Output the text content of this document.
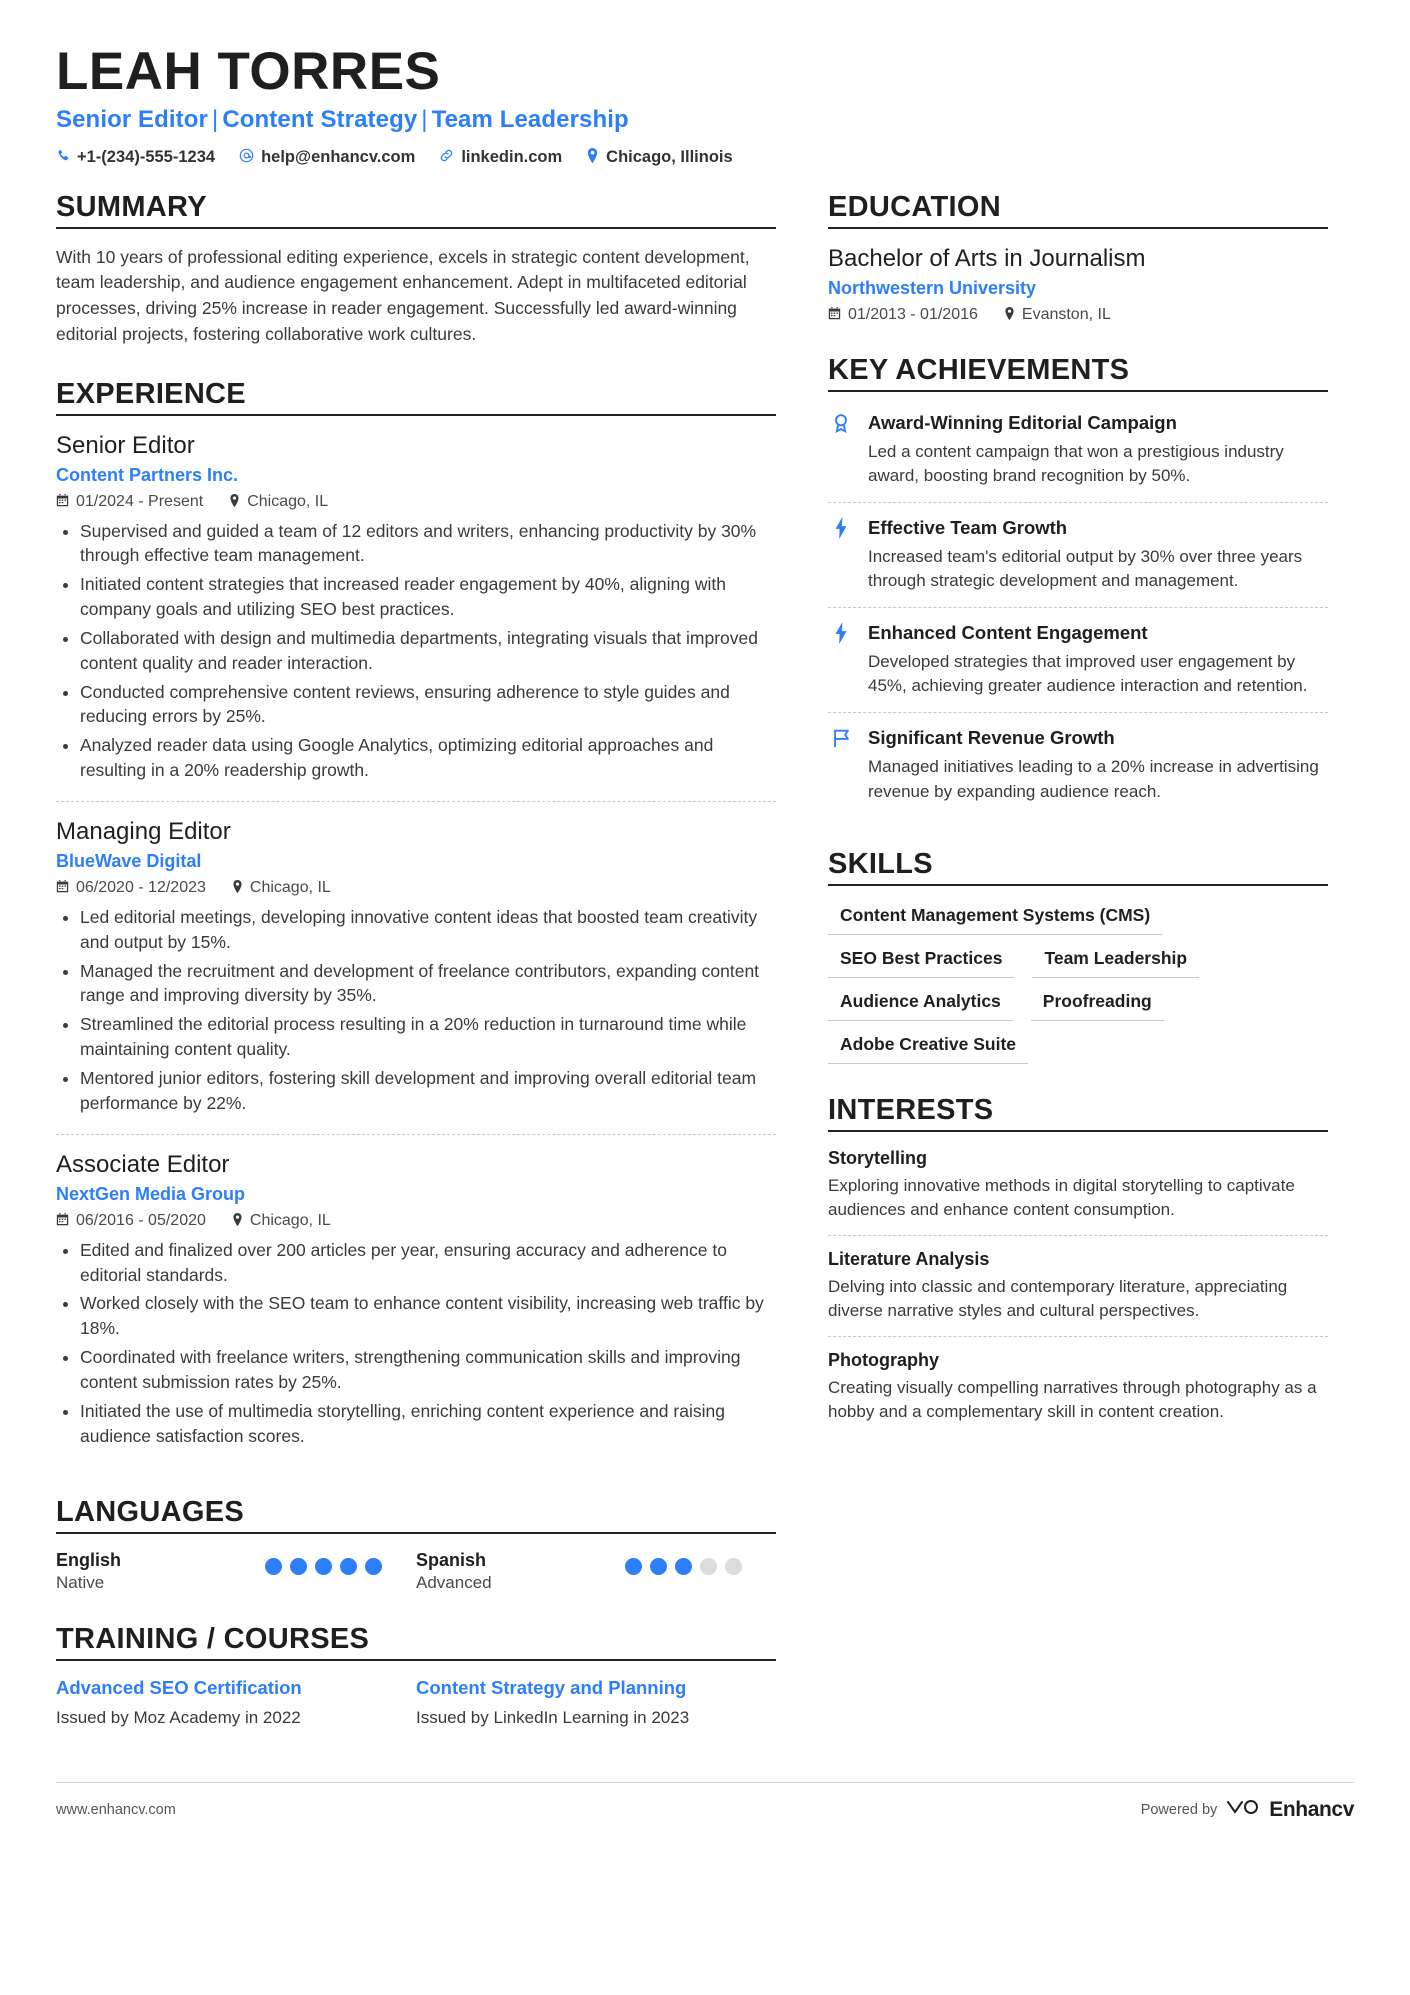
LEAH TORRES
Senior Editor | Content Strategy | Team Leadership
+1-(234)-555-1234	help@enhancv.com	linkedin.com	Chicago, Illinois
SUMMARY
With 10 years of professional editing experience, excels in strategic content development, team leadership, and audience engagement enhancement. Adept in multifaceted editorial processes, driving 25% increase in reader engagement. Successfully led award-winning editorial projects, fostering collaborative work cultures.
EXPERIENCE
Senior Editor
Content Partners Inc.
01/2024 - Present	Chicago, IL
• Supervised and guided a team of 12 editors and writers, enhancing productivity by 30% through effective team management.
• Initiated content strategies that increased reader engagement by 40%, aligning with company goals and utilizing SEO best practices.
• Collaborated with design and multimedia departments, integrating visuals that improved content quality and reader interaction.
• Conducted comprehensive content reviews, ensuring adherence to style guides and reducing errors by 25%.
• Analyzed reader data using Google Analytics, optimizing editorial approaches and resulting in a 20% readership growth.
Managing Editor
BlueWave Digital
06/2020 - 12/2023	Chicago, IL
• Led editorial meetings, developing innovative content ideas that boosted team creativity and output by 15%.
• Managed the recruitment and development of freelance contributors, expanding content range and improving diversity by 35%.
• Streamlined the editorial process resulting in a 20% reduction in turnaround time while maintaining content quality.
• Mentored junior editors, fostering skill development and improving overall editorial team performance by 22%.
Associate Editor
NextGen Media Group
06/2016 - 05/2020	Chicago, IL
• Edited and finalized over 200 articles per year, ensuring accuracy and adherence to editorial standards.
• Worked closely with the SEO team to enhance content visibility, increasing web traffic by 18%.
• Coordinated with freelance writers, strengthening communication skills and improving content submission rates by 25%.
• Initiated the use of multimedia storytelling, enriching content experience and raising audience satisfaction scores.
LANGUAGES
English
Native
Spanish
Advanced
TRAINING / COURSES
Advanced SEO Certification
Issued by Moz Academy in 2022
Content Strategy and Planning
Issued by LinkedIn Learning in 2023
EDUCATION
Bachelor of Arts in Journalism
Northwestern University
01/2013 - 01/2016	Evanston, IL
KEY ACHIEVEMENTS
Award-Winning Editorial Campaign
Led a content campaign that won a prestigious industry award, boosting brand recognition by 50%.
Effective Team Growth
Increased team's editorial output by 30% over three years through strategic development and management.
Enhanced Content Engagement
Developed strategies that improved user engagement by 45%, achieving greater audience interaction and retention.
Significant Revenue Growth
Managed initiatives leading to a 20% increase in advertising revenue by expanding audience reach.
SKILLS
Content Management Systems (CMS)
SEO Best Practices	Team Leadership
Audience Analytics	Proofreading
Adobe Creative Suite
INTERESTS
Storytelling
Exploring innovative methods in digital storytelling to captivate audiences and enhance content consumption.
Literature Analysis
Delving into classic and contemporary literature, appreciating diverse narrative styles and cultural perspectives.
Photography
Creating visually compelling narratives through photography as a hobby and a complementary skill in content creation.
www.enhancv.com	Powered by Enhancv
